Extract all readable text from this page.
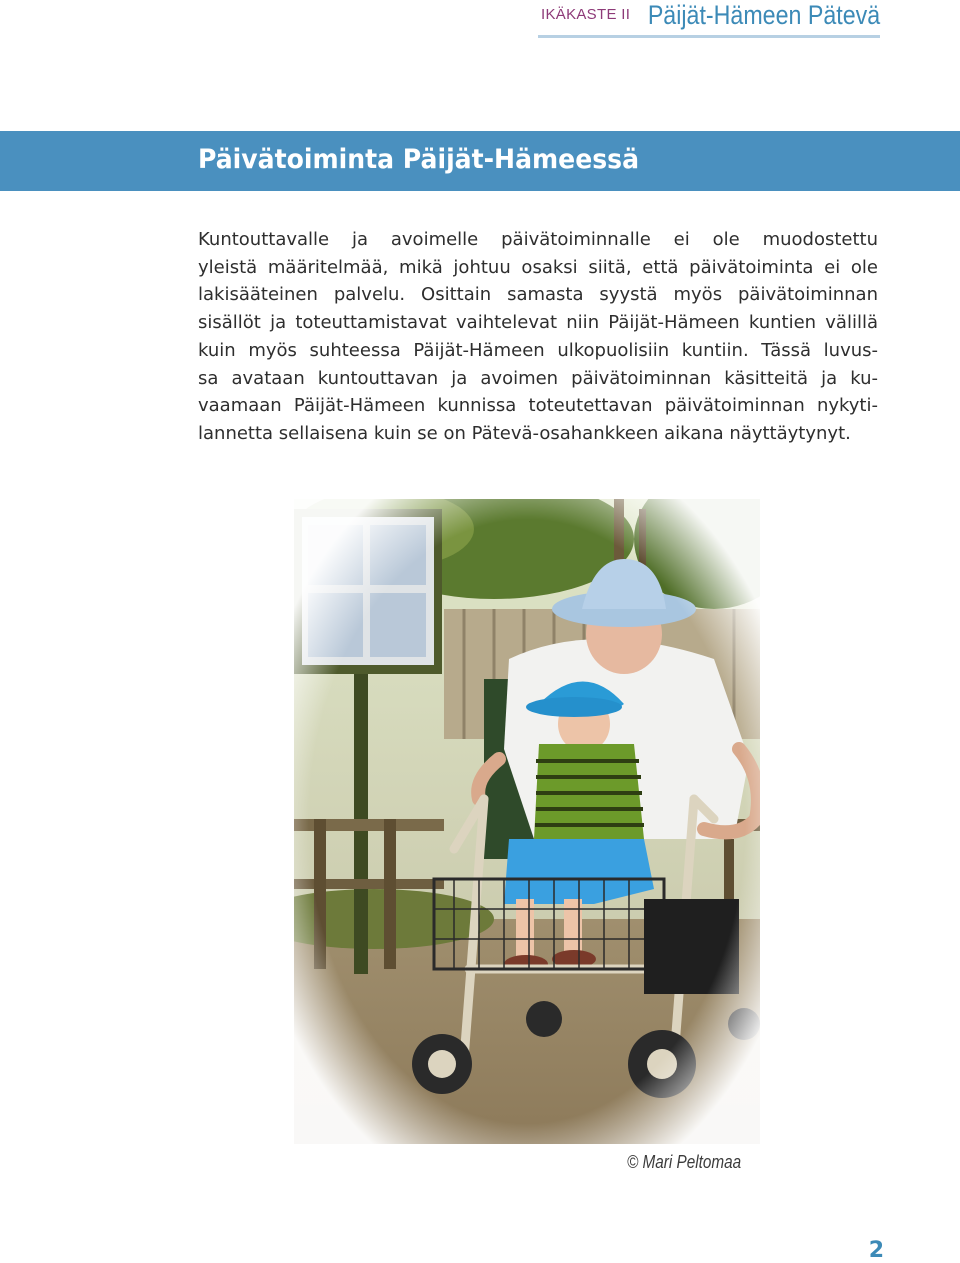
IKÄKASTE II Päijät-Hämeen Pätevä
Päivätoiminta Päijät-Hämeessä
Kuntouttavalle ja avoimelle päivätoiminnalle ei ole muodostettu
yleistä määritelmää, mikä johtuu osaksi siitä, että päivätoiminta ei ole
lakisääteinen palvelu. Osittain samasta syystä myös päivätoiminnan
sisällöt ja toteuttamistavat vaihtelevat niin Päijät-Hämeen kuntien välillä
kuin myös suhteessa Päijät-Hämeen ulkopuolisiin kuntiin. Tässä luvus-
sa avataan kuntouttavan ja avoimen päivätoiminnan käsitteitä ja ku-
vaamaan Päijät-Hämeen kunnissa toteutettavan päivätoiminnan nykyti-
lannetta sellaisena kuin se on Pätevä-osahankkeen aikana näyttäytynyt.
© Mari Peltomaa
2
